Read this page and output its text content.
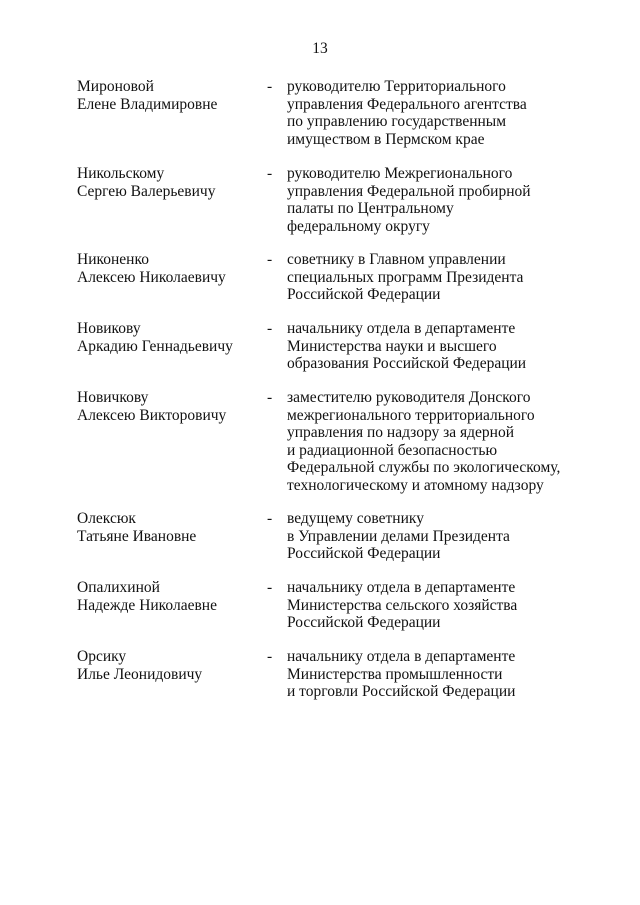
13
Мироновой
Елене Владимировне
- руководителю Территориального
управления Федерального агентства
по управлению государственным
имуществом в Пермском крае
Никольскому
Сергею Валерьевичу
- руководителю Межрегионального
управления Федеральной пробирной
палаты по Центральному
федеральному округу
Никоненко
Алексею Николаевичу
- советнику в Главном управлении
специальных программ Президента
Российской Федерации
Новикову
Аркадию Геннадьевичу
- начальнику отдела в департаменте
Министерства науки и высшего
образования Российской Федерации
Новичкову
Алексею Викторовичу
- заместителю руководителя Донского
межрегионального территориального
управления по надзору за ядерной
и радиационной безопасностью
Федеральной службы по экологическому,
технологическому и атомному надзору
Олексюк
Татьяне Ивановне
- ведущему советнику
в Управлении делами Президента
Российской Федерации
Опалихиной
Надежде Николаевне
- начальнику отдела в департаменте
Министерства сельского хозяйства
Российской Федерации
Орсику
Илье Леонидовичу
- начальнику отдела в департаменте
Министерства промышленности
и торговли Российской Федерации
